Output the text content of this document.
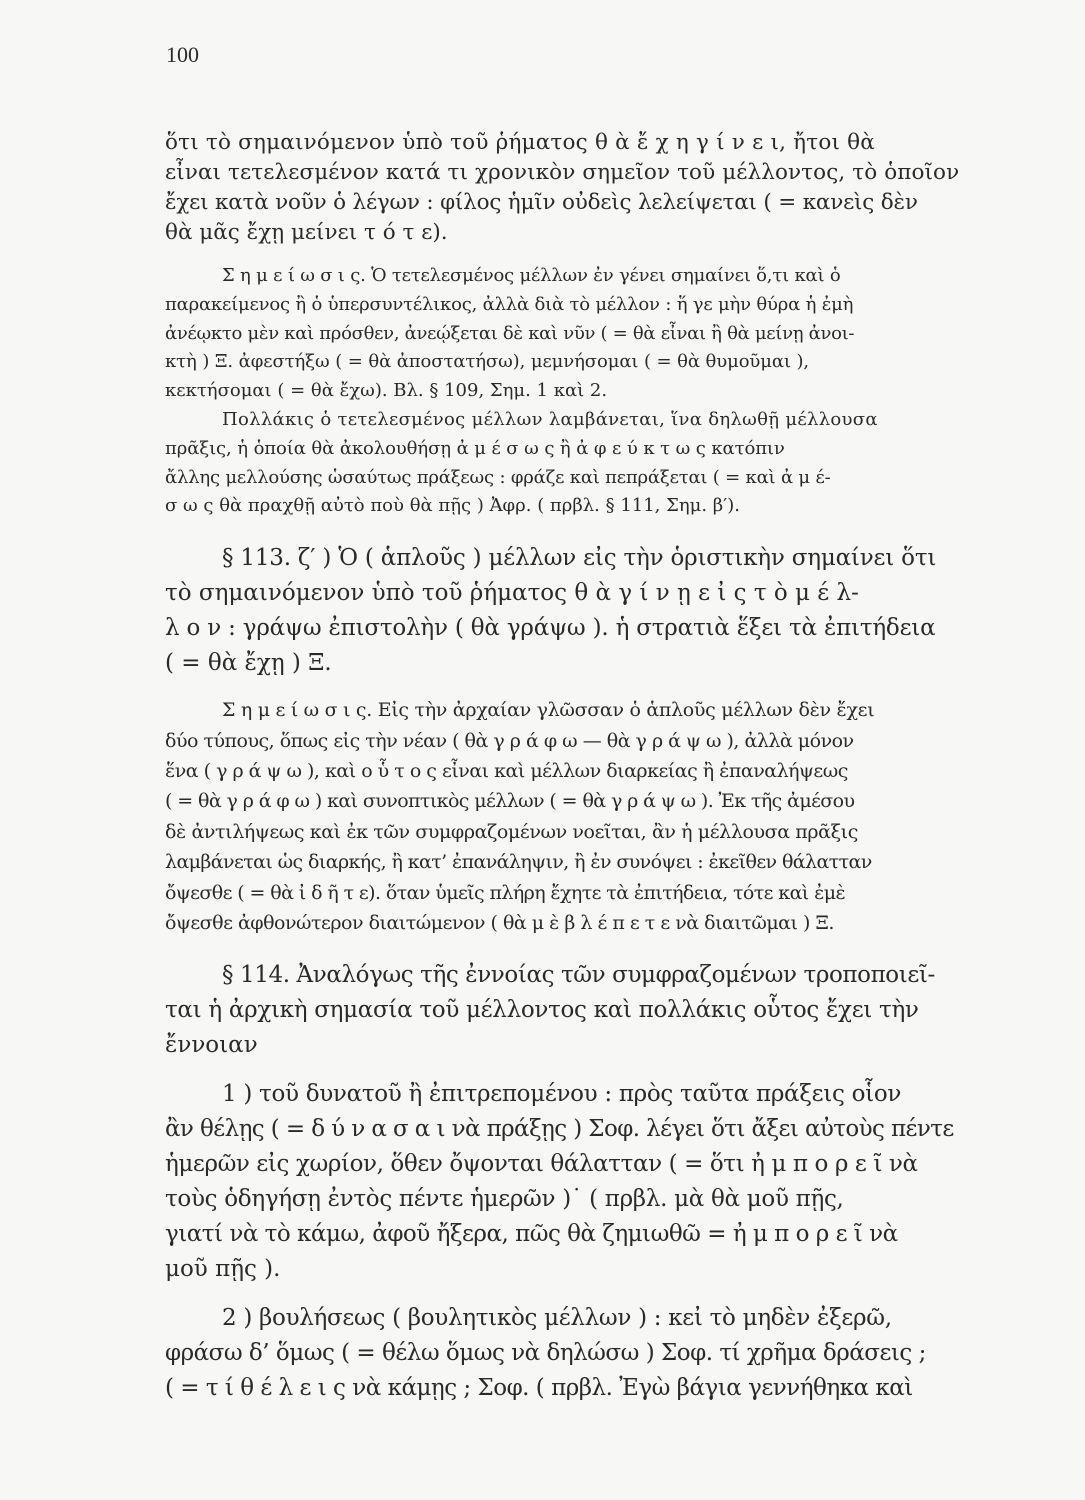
100
ὅτι τὸ σημαινόμενον ὑπὸ τοῦ ῥήματος θ ὰ ἔ χ η γ ί ν ε ι, ἤτοι θὰ
εἶναι τετελεσμένον κατά τι χρονικὸν σημεῖον τοῦ μέλλοντος, τὸ ὁποῖον
ἔχει κατὰ νοῦν ὁ λέγων : φίλος ἡμῖν οὐδεὶς λελείψεται ( = κανεὶς δὲν
θὰ μᾶς ἔχῃ μείνει τ ό τ ε).
Σ η μ ε ί ω σ ι ς. Ὁ τετελεσμένος μέλλων ἐν γένει σημαίνει ὅ,τι καὶ ὁ
παρακείμενος ἢ ὁ ὑπερσυντέλικος, ἀλλὰ διὰ τὸ μέλλον : ἥ γε μὴν θύρα ἡ ἐμὴ
ἀνέῳκτο μὲν καὶ πρόσθεν, ἀνεῴξεται δὲ καὶ νῦν ( = θὰ εἶναι ἢ θὰ μείνῃ ἀνοι-
κτὴ ) Ξ. ἀφεστήξω ( = θὰ ἀποστατήσω), μεμνήσομαι ( = θὰ θυμοῦμαι ),
κεκτήσομαι ( = θὰ ἔχω). Βλ. § 109, Σημ. 1 καὶ 2.
Πολλάκις ὁ τετελεσμένος μέλλων λαμβάνεται, ἵνα δηλωθῇ μέλλουσα
πρᾶξις, ἡ ὁποία θὰ ἀκολουθήσῃ ἀ μ έ σ ω ς ἢ ἀ φ ε ύ κ τ ω ς κατόπιν
ἄλλης μελλούσης ὡσαύτως πράξεως : φράζε καὶ πεπράξεται ( = καὶ ἀ μ έ-
σ ω ς θὰ πραχθῇ αὐτὸ ποὺ θὰ πῇς ) Ἀφρ. ( πρβλ. § 111, Σημ. β′).
§ 113. ζ′ ) Ὁ ( ἁπλοῦς ) μέλλων εἰς τὴν ὁριστικὴν σημαίνει ὅτι
τὸ σημαινόμενον ὑπὸ τοῦ ῥήματος θ ὰ γ ί ν ῃ ε ἰ ς τ ὸ μ έ λ-
λ ο ν : γράψω ἐπιστολὴν ( θὰ γράψω ). ἡ στρατιὰ ἕξει τὰ ἐπιτήδεια
( = θὰ ἔχῃ ) Ξ.
Σ η μ ε ί ω σ ι ς. Εἰς τὴν ἀρχαίαν γλῶσσαν ὁ ἁπλοῦς μέλλων δὲν ἔχει
δύο τύπους, ὅπως εἰς τὴν νέαν ( θὰ γ ρ ά φ ω — θὰ γ ρ ά ψ ω ), ἀλλὰ μόνον
ἕνα ( γ ρ ά ψ ω ), καὶ ο ὗ τ ο ς εἶναι καὶ μέλλων διαρκείας ἢ ἐπαναλήψεως
( = θὰ γ ρ ά φ ω ) καὶ συνοπτικὸς μέλλων ( = θὰ γ ρ ά ψ ω ). Ἐκ τῆς ἀμέσου
δὲ ἀντιλήψεως καὶ ἐκ τῶν συμφραζομένων νοεῖται, ἂν ἡ μέλλουσα πρᾶξις
λαμβάνεται ὡς διαρκής, ἢ κατ’ ἐπανάληψιν, ἢ ἐν συνόψει : ἐκεῖθεν θάλατταν
ὄψεσθε ( = θὰ ἰ δ ῆ τ ε). ὅταν ὑμεῖς πλήρη ἔχητε τὰ ἐπιτήδεια, τότε καὶ ἐμὲ
ὄψεσθε ἀφθονώτερον διαιτώμενον ( θὰ μ ὲ β λ έ π ε τ ε νὰ διαιτῶμαι ) Ξ.
§ 114. Ἀναλόγως τῆς ἐννοίας τῶν συμφραζομένων τροποποιεῖ-
ται ἡ ἀρχικὴ σημασία τοῦ μέλλοντος καὶ πολλάκις οὗτος ἔχει τὴν
ἔννοιαν
1 ) τοῦ δυνατοῦ ἢ ἐπιτρεπομένου : πρὸς ταῦτα πράξεις οἷον
ἂν θέλῃς ( = δ ύ ν α σ α ι νὰ πράξῃς ) Σοφ. λέγει ὅτι ἄξει αὐτοὺς πέντε
ἡμερῶν εἰς χωρίον, ὅθεν ὄψονται θάλατταν ( = ὅτι ἠ μ π ο ρ ε ῖ νὰ
τοὺς ὁδηγήσῃ ἐντὸς πέντε ἡμερῶν )˙ ( πρβλ. μὰ θὰ μοῦ πῇς,
γιατί νὰ τὸ κάμω, ἀφοῦ ἤξερα, πῶς θὰ ζημιωθῶ = ἠ μ π ο ρ ε ῖ νὰ
μοῦ πῇς ).
2 ) βουλήσεως ( βουλητικὸς μέλλων ) : κεἰ τὸ μηδὲν ἐξερῶ,
φράσω δ’ ὅμως ( = θέλω ὅμως νὰ δηλώσω ) Σοφ. τί χρῆμα δράσεις ;
( = τ ί θ έ λ ε ι ς νὰ κάμῃς ; Σοφ. ( πρβλ. Ἐγὼ βάγια γεννήθηκα καὶ
